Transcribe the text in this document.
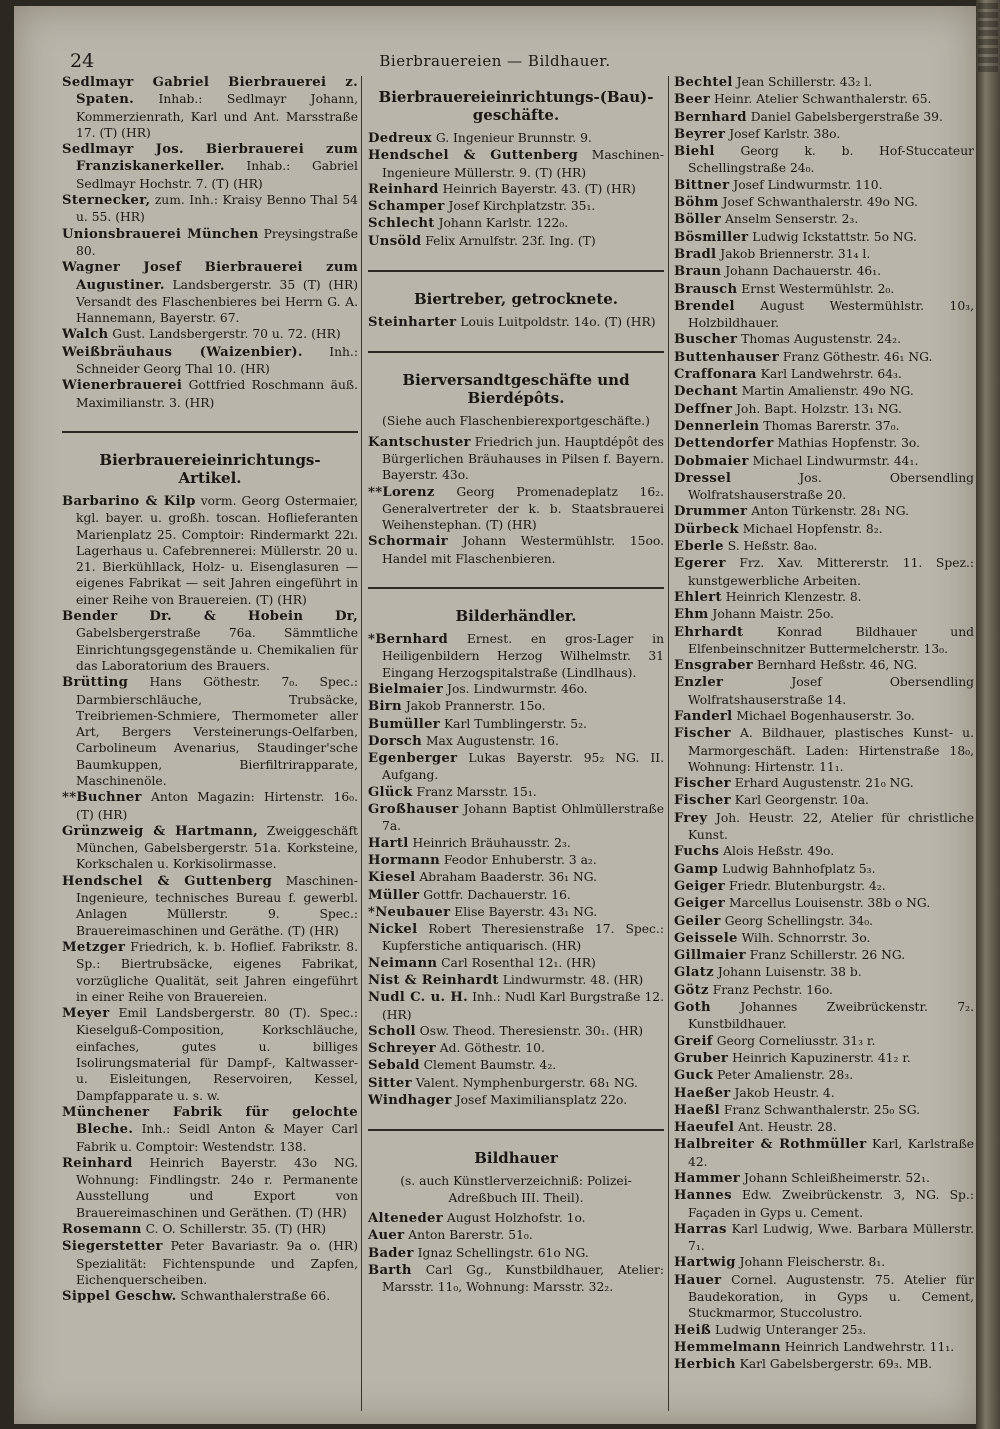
24	Bierbrauereien — Bildhauer.

Sedlmayr Gabriel Bierbrauerei z. Spaten. Inhab.: Sedlmayr Johann, Kommerzienrath, Karl und Ant. Marsstraße 17. (T) (HR)

Sedlmayr Jos. Bierbrauerei zum Franziskanerkeller. Inhab.: Gabriel Sedlmayr Hochstr. 7. (T) (HR)

Sternecker, zum. Inh.: Kraisy Benno Thal 54 u. 55. (HR)

Unionsbrauerei München Preysingstraße 80.

Wagner Josef Bierbrauerei zum Augustiner. Landsbergerstr. 35 (T) (HR) Versandt des Flaschenbieres bei Herrn G. A. Hannemann, Bayerstr. 67.

Walch Gust. Landsbergerstr. 70 u. 72. (HR)

Weißbräuhaus (Waizenbier). Inh.: Schneider Georg Thal 10. (HR)

Wienerbrauerei Gottfried Roschmann äuß. Maximilianstr. 3. (HR)

Bierbrauereieinrichtungs-Artikel.

Barbarino & Kilp vorm. Georg Ostermaier, kgl. bayer. u. großh. toscan. Hoflieferanten Marienplatz 25. Comptoir: Rindermarkt 22ı. Lagerhaus u. Cafebrennerei: Müllerstr. 20 u. 21. Bierkühllack, Holz- u. Eisenglasuren — eigenes Fabrikat — seit Jahren eingeführt in einer Reihe von Brauereien. (T) (HR)

Bender Dr. & Hobein Dr, Gabelsbergerstraße 76a. Sämmtliche Einrichtungsgegenstände u. Chemikalien für das Laboratorium des Brauers.

Brütting Hans Göthestr. 7₀. Spec.: Darmbierschläuche, Trubsäcke, Treibriemen-Schmiere, Thermometer aller Art, Bergers Versteinerungs-Oelfarben, Carbolineum Avenarius, Staudinger'sche Baumkuppen, Bierfiltrirapparate, Maschinenöle.

**Buchner Anton Magazin: Hirtenstr. 16₀. (T) (HR)

Grünzweig & Hartmann, Zweiggeschäft München, Gabelsbergerstr. 51a. Korksteine, Korkschalen u. Korkisolirmasse.

Hendschel & Guttenberg Maschinen-Ingenieure, technisches Bureau f. gewerbl. Anlagen Müllerstr. 9. Spec.: Brauereimaschinen und Geräthe. (T) (HR)

Metzger Friedrich, k. b. Hoflief. Fabrikstr. 8. Sp.: Biertrubsäcke, eigenes Fabrikat, vorzügliche Qualität, seit Jahren eingeführt in einer Reihe von Brauereien.

Meyer Emil Landsbergerstr. 80 (T). Spec.: Kieselguß-Composition, Korkschläuche, einfaches, gutes u. billiges Isolirungsmaterial für Dampf-, Kaltwasser- u. Eisleitungen, Reservoiren, Kessel, Dampfapparate u. s. w.

Münchener Fabrik für gelochte Bleche. Inh.: Seidl Anton & Mayer Carl Fabrik u. Comptoir: Westendstr. 138.

Reinhard Heinrich Bayerstr. 43o NG. Wohnung: Findlingstr. 24o r. Permanente Ausstellung und Export von Brauereimaschinen und Geräthen. (T) (HR)

Rosemann C. O. Schillerstr. 35. (T) (HR)

Siegerstetter Peter Bavariastr. 9a o. (HR) Spezialität: Fichtenspunde und Zapfen, Eichenquerscheiben.

Sippel Geschw. Schwanthalerstraße 66.

Bierbrauereieinrichtungs-(Bau)-geschäfte.

Dedreux G. Ingenieur Brunnstr. 9.

Hendschel & Guttenberg Maschinen-Ingenieure Müllerstr. 9. (T) (HR)

Reinhard Heinrich Bayerstr. 43. (T) (HR)

Schamper Josef Kirchplatzstr. 35₁.

Schlecht Johann Karlstr. 122₀.

Unsöld Felix Arnulfstr. 23f. Ing. (T)

Biertreber, getrocknete.

Steinharter Louis Luitpoldstr. 14o. (T) (HR)

Bierversandtgeschäfte und Bierdépôts.
(Siehe auch Flaschenbierexportgeschäfte.)

Kantschuster Friedrich jun. Hauptdépôt des Bürgerlichen Bräuhauses in Pilsen f. Bayern. Bayerstr. 43o.

**Lorenz Georg Promenadeplatz 16₂. Generalvertreter der k. b. Staatsbrauerei Weihenstephan. (T) (HR)

Schormair Johann Westermühlstr. 15oo. Handel mit Flaschenbieren.

Bilderhändler.

*Bernhard Ernest. en gros-Lager in Heiligenbildern Herzog Wilhelmstr. 31 Eingang Herzogspitalstraße (Lindlhaus).

Bielmaier Jos. Lindwurmstr. 46o.

Birn Jakob Prannerstr. 15o.

Bumüller Karl Tumblingerstr. 5₂.

Dorsch Max Augustenstr. 16.

Egenberger Lukas Bayerstr. 95₂ NG. II. Aufgang.

Glück Franz Marsstr. 15₁.

Großhauser Johann Baptist Ohlmüllerstraße 7a.

Hartl Heinrich Bräuhausstr. 2₃.

Hormann Feodor Enhuberstr. 3 a₂.

Kiesel Abraham Baaderstr. 36₁ NG.

Müller Gottfr. Dachauerstr. 16.

*Neubauer Elise Bayerstr. 43₁ NG.

Nickel Robert Theresienstraße 17. Spec.: Kupferstiche antiquarisch. (HR)

Neimann Carl Rosenthal 12₁. (HR)

Nist & Reinhardt Lindwurmstr. 48. (HR)

Nudl C. u. H. Inh.: Nudl Karl Burgstraße 12. (HR)

Scholl Osw. Theod. Theresienstr. 30₁. (HR)

Schreyer Ad. Göthestr. 10.

Sebald Clement Baumstr. 4₂.

Sitter Valent. Nymphenburgerstr. 68₁ NG.

Windhager Josef Maximiliansplatz 22o.

Bildhauer
(s. auch Künstlerverzeichniß: Polizei-Adreßbuch III. Theil).

Alteneder August Holzhofstr. 1o.

Auer Anton Barerstr. 51₀.

Bader Ignaz Schellingstr. 61o NG.

Barth Carl Gg., Kunstbildhauer, Atelier: Marsstr. 11₀, Wohnung: Marsstr. 32₂.

Bechtel Jean Schillerstr. 43₂ l.

Beer Heinr. Atelier Schwanthalerstr. 65.

Bernhard Daniel Gabelsbergerstraße 39.

Beyrer Josef Karlstr. 38o.

Biehl Georg k. b. Hof-Stuccateur Schellingstraße 24₀.

Bittner Josef Lindwurmstr. 110.

Böhm Josef Schwanthalerstr. 49o NG.

Böller Anselm Senserstr. 2₃.

Bösmiller Ludwig Ickstattstr. 5o NG.

Bradl Jakob Briennerstr. 31₄ l.

Braun Johann Dachauerstr. 46₁.

Brausch Ernst Westermühlstr. 2₀.

Brendel August Westermühlstr. 10₃, Holzbildhauer.

Buscher Thomas Augustenstr. 24₂.

Buttenhauser Franz Göthestr. 46₁ NG.

Craffonara Karl Landwehrstr. 64₃.

Dechant Martin Amalienstr. 49o NG.

Deffner Joh. Bapt. Holzstr. 13₁ NG.

Dennerlein Thomas Barerstr. 37₀.

Dettendorfer Mathias Hopfenstr. 3o.

Dobmaier Michael Lindwurmstr. 44₁.

Dressel Jos. Obersendling Wolfratshauserstraße 20.

Drummer Anton Türkenstr. 28₁ NG.

Dürbeck Michael Hopfenstr. 8₂.

Eberle S. Heßstr. 8a₀.

Egerer Frz. Xav. Mittererstr. 11. Spez.: kunstgewerbliche Arbeiten.

Ehlert Heinrich Klenzestr. 8.

Ehm Johann Maistr. 25o.

Ehrhardt Konrad Bildhauer und Elfenbeinschnitzer Buttermelcherstr. 13₀.

Ensgraber Bernhard Heßstr. 46, NG.

Enzler Josef Obersendling Wolfratshauserstraße 14.

Fanderl Michael Bogenhauserstr. 3o.

Fischer A. Bildhauer, plastisches Kunst- u. Marmorgeschäft. Laden: Hirtenstraße 18₀, Wohnung: Hirtenstr. 11₁.

Fischer Erhard Augustenstr. 21₀ NG.

Fischer Karl Georgenstr. 10a.

Frey Joh. Heustr. 22, Atelier für christliche Kunst.

Fuchs Alois Heßstr. 49o.

Gamp Ludwig Bahnhofplatz 5₃.

Geiger Friedr. Blutenburgstr. 4₂.

Geiger Marcellus Louisenstr. 38b o NG.

Geiler Georg Schellingstr. 34₀.

Geissele Wilh. Schnorrstr. 3o.

Gillmaier Franz Schillerstr. 26 NG.

Glatz Johann Luisenstr. 38 b.

Götz Franz Pechstr. 16o.

Goth Johannes Zweibrückenstr. 7₂. Kunstbildhauer.

Greif Georg Corneliusstr. 31₃ r.

Gruber Heinrich Kapuzinerstr. 41₂ r.

Guck Peter Amalienstr. 28₃.

Haeßer Jakob Heustr. 4.

Haeßl Franz Schwanthalerstr. 25₀ SG.

Haeufel Ant. Heustr. 28.

Halbreiter & Rothmüller Karl, Karlstraße 42.

Hammer Johann Schleißheimerstr. 52₁.

Hannes Edw. Zweibrückenstr. 3, NG. Sp.: Façaden in Gyps u. Cement.

Harras Karl Ludwig, Wwe. Barbara Müllerstr. 7₁.

Hartwig Johann Fleischerstr. 8₁.

Hauer Cornel. Augustenstr. 75. Atelier für Baudekoration, in Gyps u. Cement, Stuckmarmor, Stuccolustro.

Heiß Ludwig Unteranger 25₃.

Hemmelmann Heinrich Landwehrstr. 11₁.

Herbich Karl Gabelsbergerstr. 69₃. MB.
